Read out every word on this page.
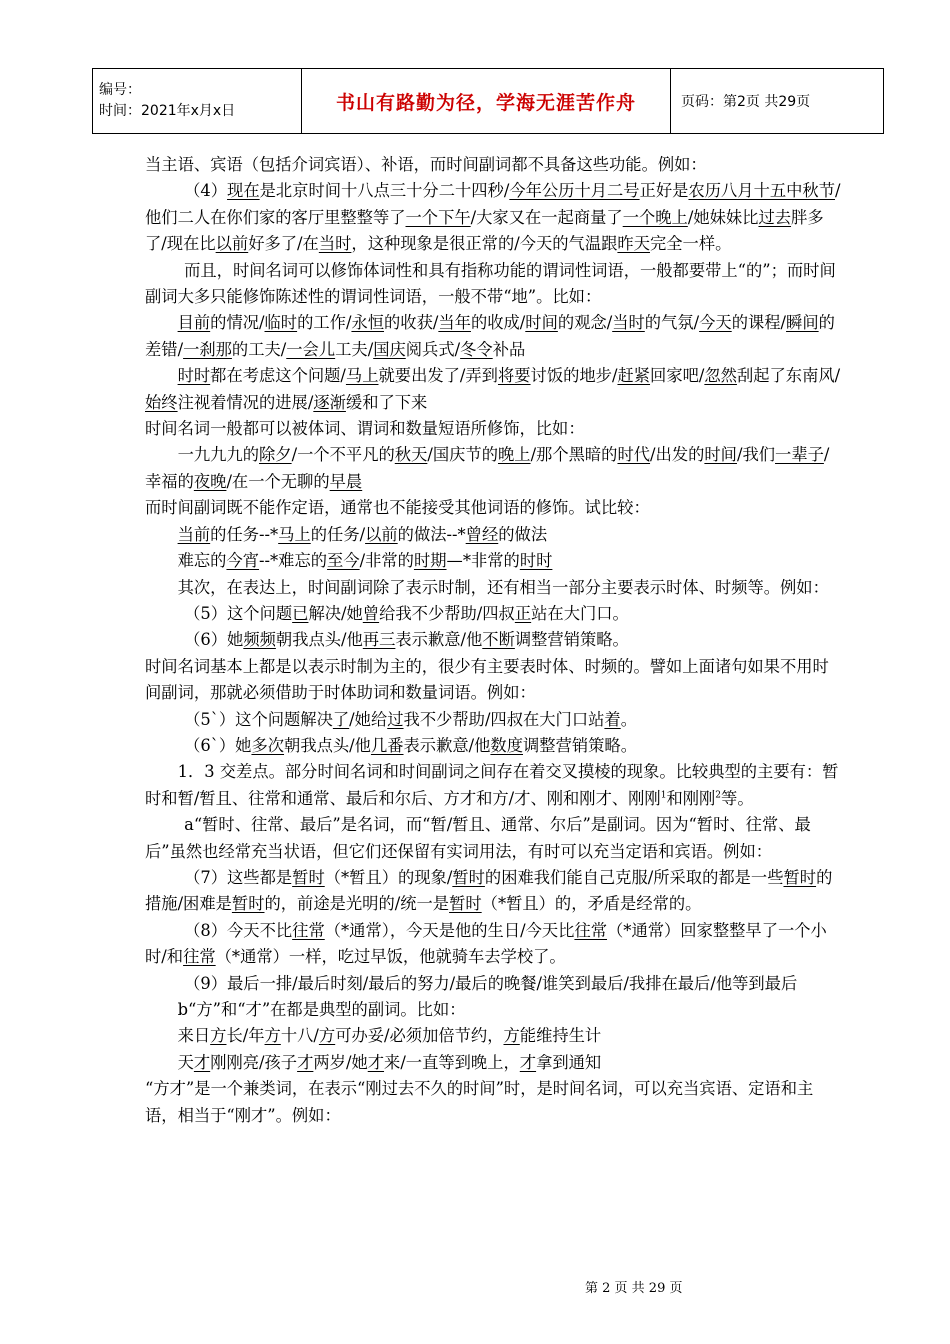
编号：
时间：2021年x月x日	书山有路勤为径，学海无涯苦作舟	页码：第2页 共29页

当主语、宾语（包括介词宾语）、补语，而时间副词都不具备这些功能。例如：

（4）现在是北京时间十八点三十分二十四秒/今年公历十月二号正好是农历八月十五中秋节/他们二人在你们家的客厅里整整等了一个下午/大家又在一起商量了一个晚上/她妹妹比过去胖多了/现在比以前好多了/在当时，这种现象是很正常的/今天的气温跟昨天完全一样。

而且，时间名词可以修饰体词性和具有指称功能的谓词性词语，一般都要带上“的”；而时间副词大多只能修饰陈述性的谓词性词语，一般不带“地”。比如：

目前的情况/临时的工作/永恒的收获/当年的收成/时间的观念/当时的气氛/今天的课程/瞬间的差错/一刹那的工夫/一会儿工夫/国庆阅兵式/冬令补品

时时都在考虑这个问题/马上就要出发了/弄到将要讨饭的地步/赶紧回家吧/忽然刮起了东南风/始终注视着情况的进展/逐渐缓和了下来

时间名词一般都可以被体词、谓词和数量短语所修饰，比如：

一九九九的除夕/一个不平凡的秋天/国庆节的晚上/那个黑暗的时代/出发的时间/我们一辈子/幸福的夜晚/在一个无聊的早晨

而时间副词既不能作定语，通常也不能接受其他词语的修饰。试比较：

当前的任务--*马上的任务/以前的做法--*曾经的做法

难忘的今宵--*难忘的至今/非常的时期—*非常的时时

其次，在表达上，时间副词除了表示时制，还有相当一部分主要表示时体、时频等。例如：

（5）这个问题已解决/她曾给我不少帮助/四叔正站在大门口。

（6）她频频朝我点头/他再三表示歉意/他不断调整营销策略。

时间名词基本上都是以表示时制为主的，很少有主要表时体、时频的。譬如上面诸句如果不用时间副词，那就必须借助于时体助词和数量词语。例如：

（5`）这个问题解决了/她给过我不少帮助/四叔在大门口站着。

（6`）她多次朝我点头/他几番表示歉意/他数度调整营销策略。

1．3 交差点。部分时间名词和时间副词之间存在着交叉摸棱的现象。比较典型的主要有：暂时和暂/暂且、往常和通常、最后和尔后、方才和方/才、刚和刚才、刚刚$^1$和刚刚$^2$等。

a“暂时、往常、最后”是名词，而“暂/暂且、通常、尔后”是副词。因为“暂时、往常、最后”虽然也经常充当状语，但它们还保留有实词用法，有时可以充当定语和宾语。例如：

（7）这些都是暂时（*暂且）的现象/暂时的困难我们能自己克服/所采取的都是一些暂时的措施/困难是暂时的，前途是光明的/统一是暂时（*暂且）的，矛盾是经常的。

（8）今天不比往常（*通常），今天是他的生日/今天比往常（*通常）回家整整早了一个小时/和往常（*通常）一样，吃过早饭，他就骑车去学校了。

（9）最后一排/最后时刻/最后的努力/最后的晚餐/谁笑到最后/我排在最后/他等到最后

b“方”和“才”在都是典型的副词。比如：

来日方长/年方十八/方可办妥/必须加倍节约，方能维持生计

天才刚刚亮/孩子才两岁/她才来/一直等到晚上，才拿到通知

“方才”是一个兼类词，在表示“刚过去不久的时间”时，是时间名词，可以充当宾语、定语和主语，相当于“刚才”。例如：

第 2 页 共 29 页
